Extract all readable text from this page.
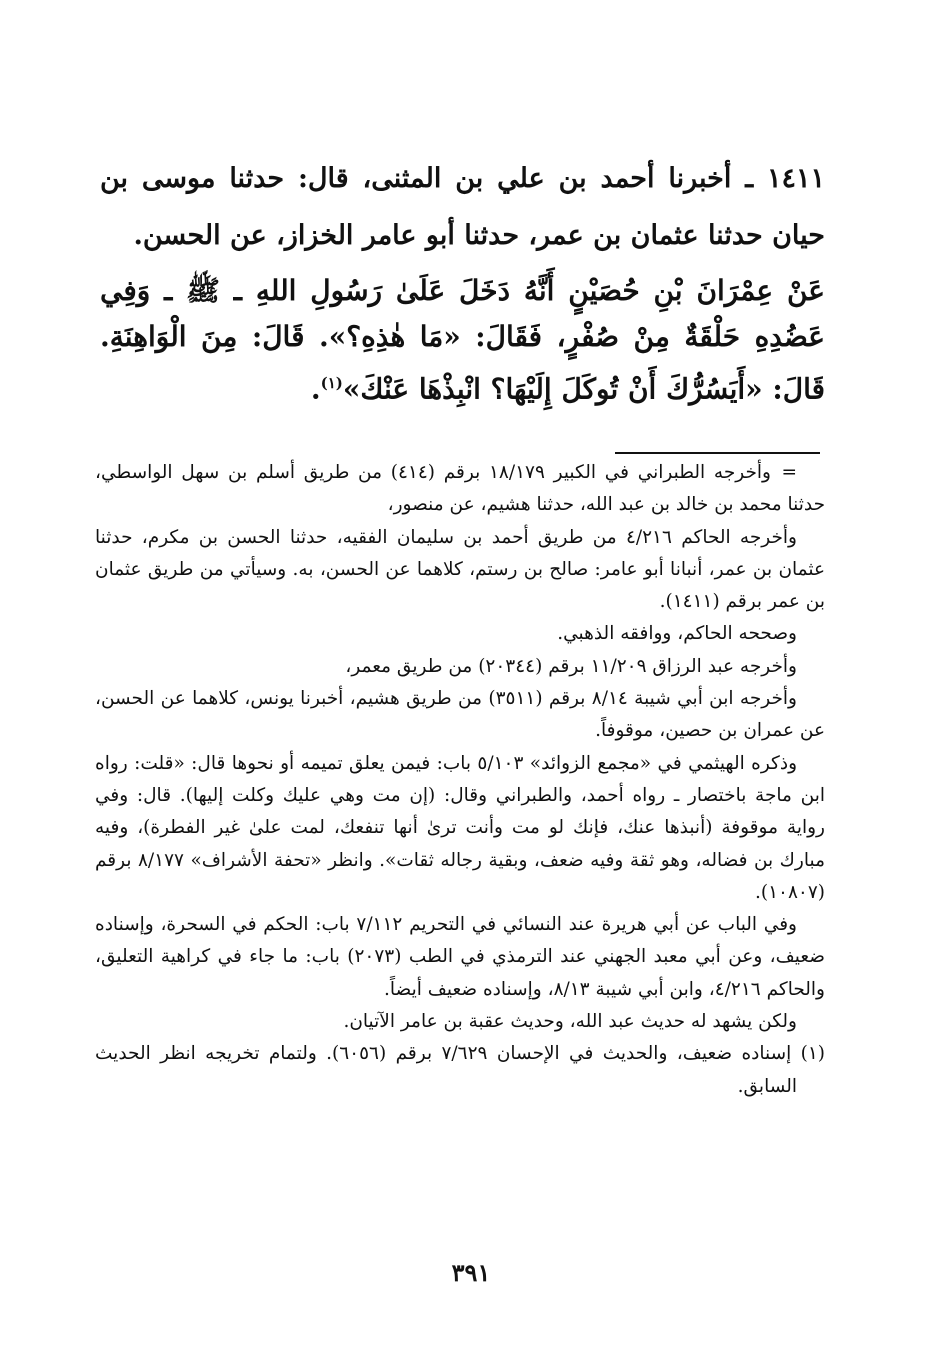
١٤١١ ـ أخبرنا أحمد بن علي بن المثنى، قال: حدثنا موسى بن حيان حدثنا عثمان بن عمر، حدثنا أبو عامر الخزاز، عن الحسن.

عَنْ عِمْرَانَ بْنِ حُصَيْنٍ أَنَّهُ دَخَلَ عَلَىٰ رَسُولِ اللهِ ـ ﷺ ـ وَفِي عَضُدِهِ حَلْقَةٌ مِنْ صُفْرٍ، فَقَالَ: «مَا هٰذِهِ؟». قَالَ: مِنَ الْوَاهِنَةِ. قَالَ: «أَيَسُرُّكَ أَنْ تُوكَلَ إِلَيْهَا؟ انْبِذْهَا عَنْكَ»$^{(١)}$.

=وأخرجه الطبراني في الكبير ١٨/١٧٩ برقم (٤١٤) من طريق أسلم بن سهل الواسطي، حدثنا محمد بن خالد بن عبد الله، حدثنا هشيم، عن منصور،

وأخرجه الحاكم ٤/٢١٦ من طريق أحمد بن سليمان الفقيه، حدثنا الحسن بن مكرم، حدثنا عثمان بن عمر، أنبانا أبو عامر: صالح بن رستم، كلاهما عن الحسن، به. وسيأتي من طريق عثمان بن عمر برقم (١٤١١).

وصححه الحاكم، ووافقه الذهبي.

وأخرجه عبد الرزاق ١١/٢٠٩ برقم (٢٠٣٤٤) من طريق معمر،

وأخرجه ابن أبي شيبة ٨/١٤ برقم (٣٥١١) من طريق هشيم، أخبرنا يونس، كلاهما عن الحسن، عن عمران بن حصين، موقوفاً.

وذكره الهيثمي في «مجمع الزوائد» ٥/١٠٣ باب: فيمن يعلق تميمه أو نحوها قال: «قلت: رواه ابن ماجة باختصار ـ رواه أحمد، والطبراني وقال: (إن مت وهي عليك وكلت إليها). قال: وفي رواية موقوفة (أنبذها عنك، فإنك لو مت وأنت ترىٰ أنها تنفعك، لمت علىٰ غير الفطرة)، وفيه مبارك بن فضاله، وهو ثقة وفيه ضعف، وبقية رجاله ثقات». وانظر «تحفة الأشراف» ٨/١٧٧ برقم (١٠٨٠٧).

وفي الباب عن أبي هريرة عند النسائي في التحريم ٧/١١٢ باب: الحكم في السحرة، وإسناده ضعيف، وعن أبي معبد الجهني عند الترمذي في الطب (٢٠٧٣) باب: ما جاء في كراهية التعليق، والحاكم ٤/٢١٦، وابن أبي شيبة ٨/١٣، وإسناده ضعيف أيضاً.

ولكن يشهد له حديث عبد الله، وحديث عقبة بن عامر الآتيان.

(١) إسناده ضعيف، والحديث في الإحسان ٧/٦٢٩ برقم (٦٠٥٦). ولتمام تخريجه انظر الحديث السابق.

٣٩١
